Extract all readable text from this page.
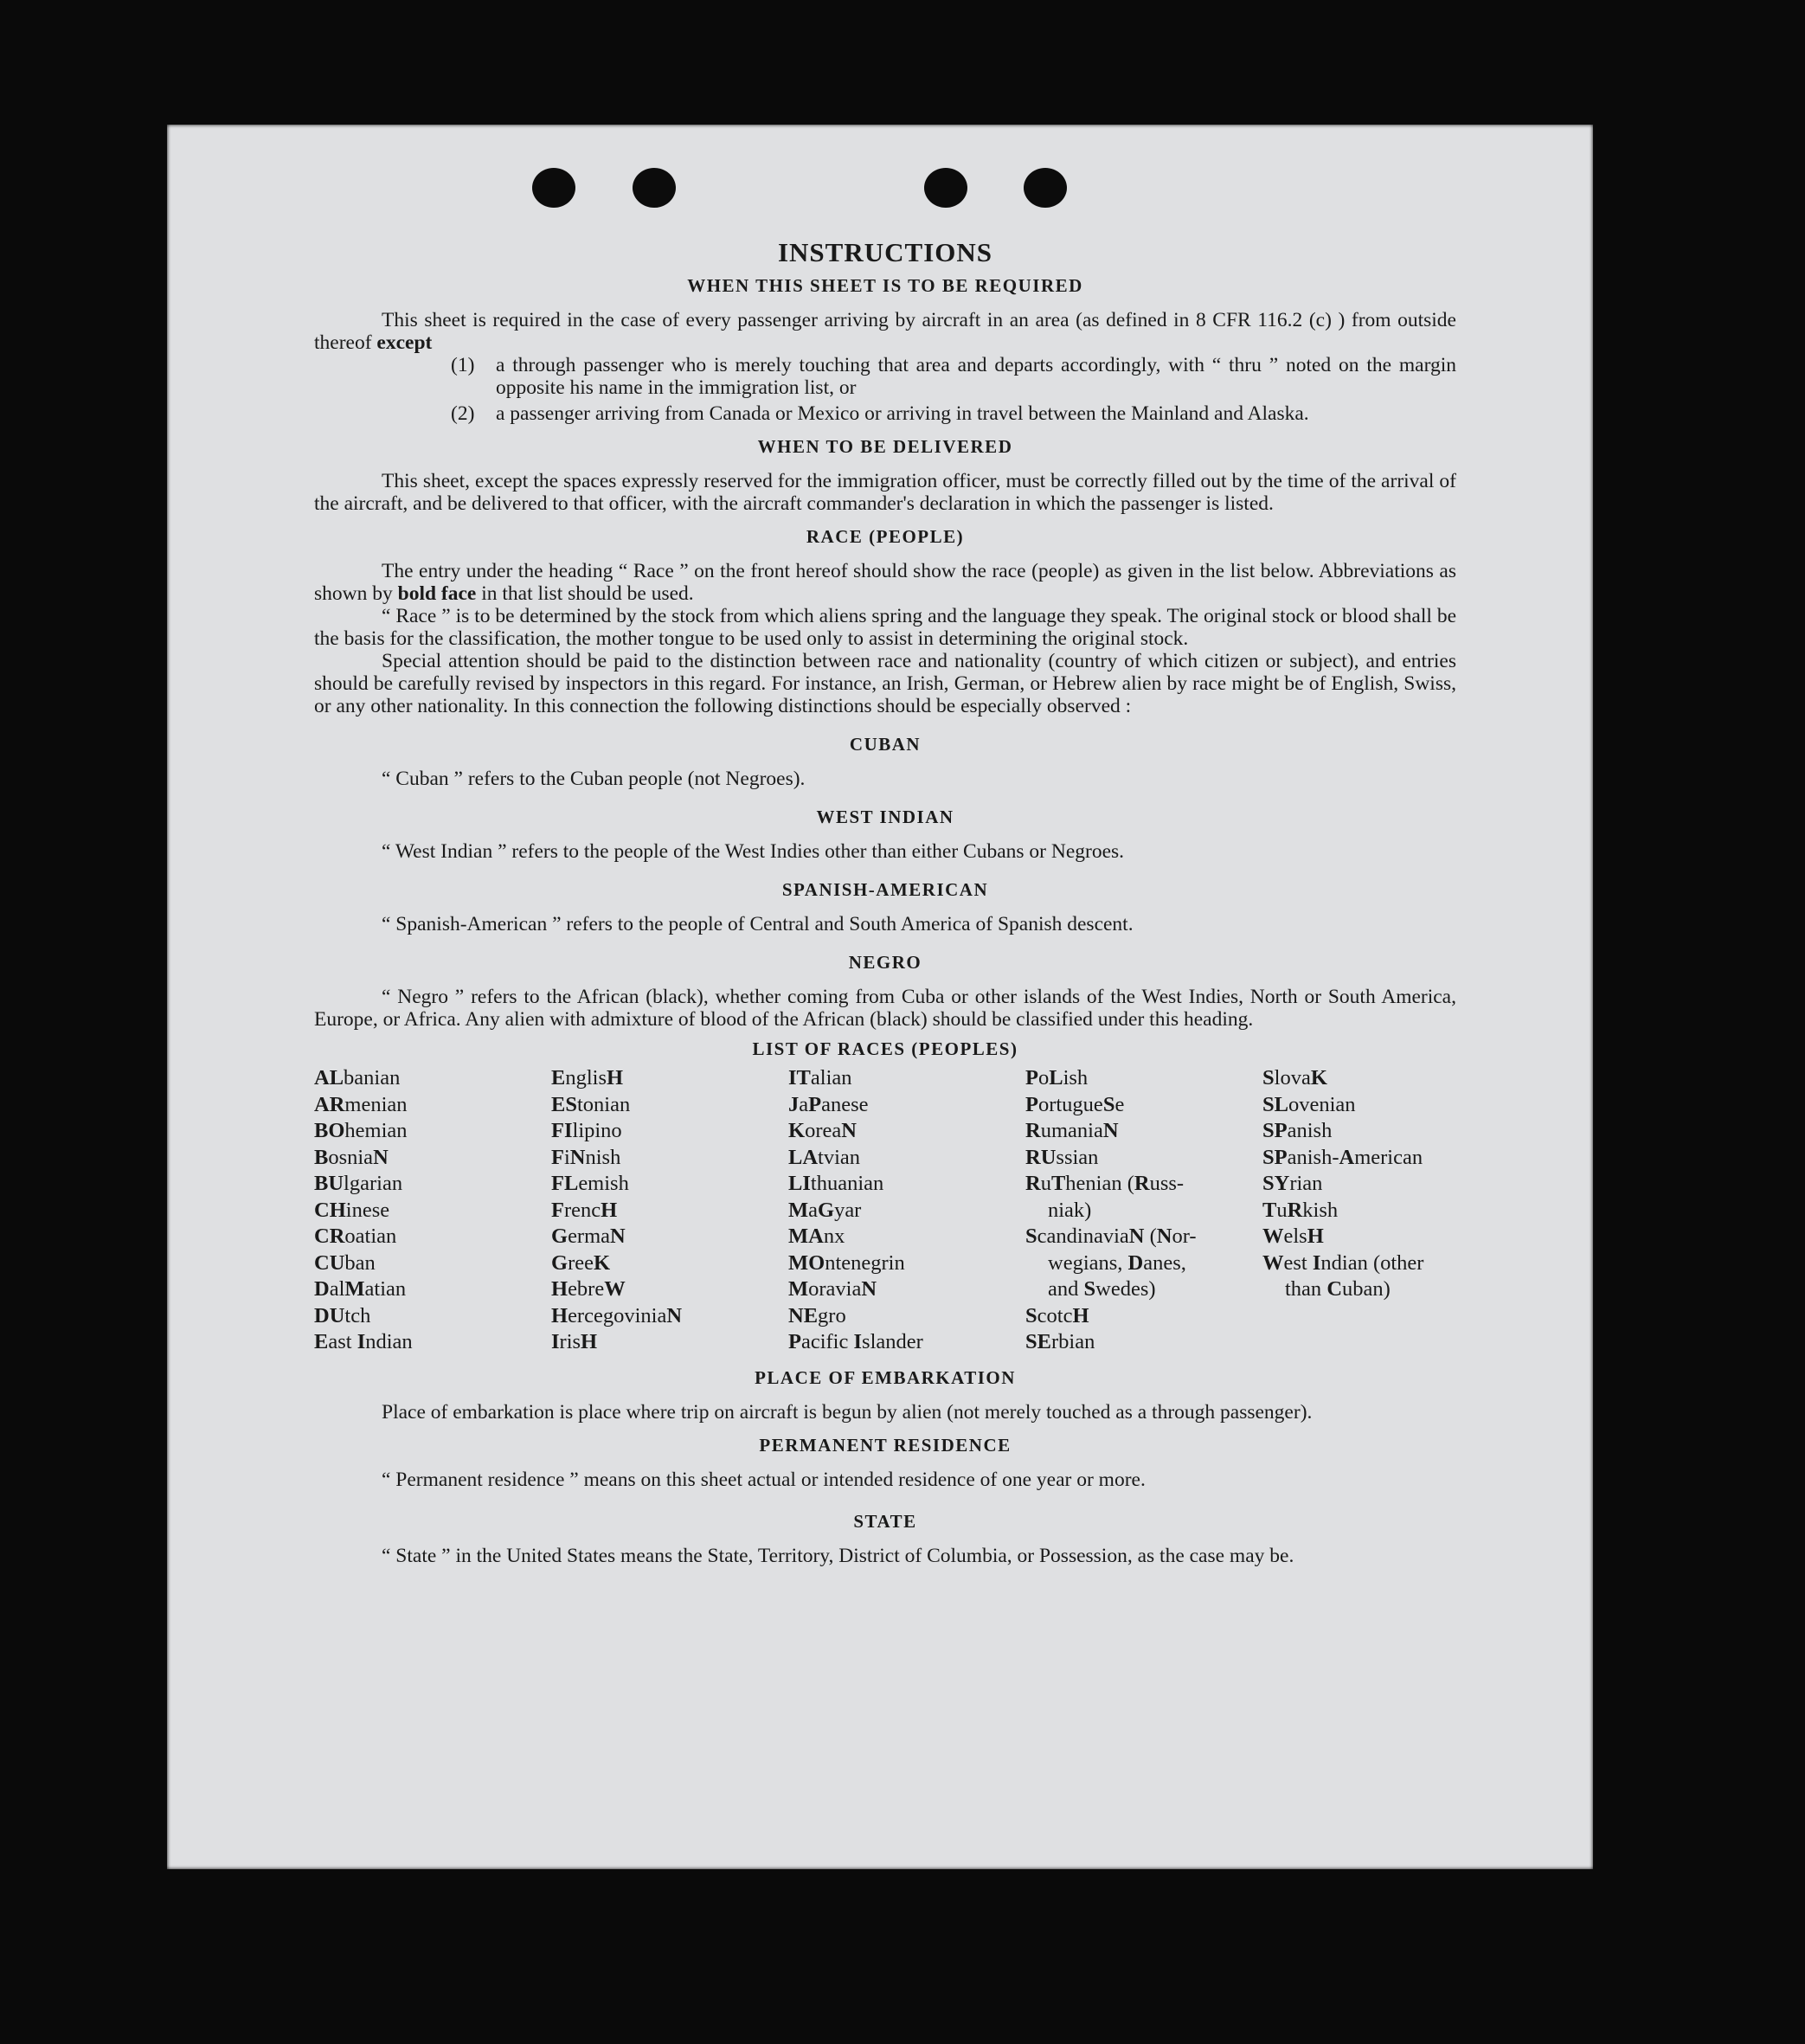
INSTRUCTIONS
WHEN THIS SHEET IS TO BE REQUIRED

This sheet is required in the case of every passenger arriving by aircraft in an area (as defined in 8 CFR 116.2 (c) ) from outside thereof except

(1)	a through passenger who is merely touching that area and departs accordingly, with “ thru ” noted on the margin opposite his name in the immigration list, or
(2)	a passenger arriving from Canada or Mexico or arriving in travel between the Mainland and Alaska.
WHEN TO BE DELIVERED

This sheet, except the spaces expressly reserved for the immigration officer, must be correctly filled out by the time of the arrival of the aircraft, and be delivered to that officer, with the aircraft commander's declaration in which the passenger is listed.

RACE (PEOPLE)

The entry under the heading “ Race ” on the front hereof should show the race (people) as given in the list below. Abbreviations as shown by bold face in that list should be used.

“ Race ” is to be determined by the stock from which aliens spring and the language they speak. The original stock or blood shall be the basis for the classification, the mother tongue to be used only to assist in determining the original stock.

Special attention should be paid to the distinction between race and nationality (country of which citizen or subject), and entries should be carefully revised by inspectors in this regard. For instance, an Irish, German, or Hebrew alien by race might be of English, Swiss, or any other nationality. In this connection the following distinctions should be especially observed :

CUBAN

“ Cuban ” refers to the Cuban people (not Negroes).

WEST INDIAN

“ West Indian ” refers to the people of the West Indies other than either Cubans or Negroes.

SPANISH-AMERICAN

“ Spanish-American ” refers to the people of Central and South America of Spanish descent.

NEGRO

“ Negro ” refers to the African (black), whether coming from Cuba or other islands of the West Indies, North or South America, Europe, or Africa. Any alien with admixture of blood of the African (black) should be classified under this heading.

LIST OF RACES (PEOPLES)
ALbanian	EnglisH	ITalian	PoLish	SlovaK
ARmenian	EStonian	JaPanese	PortugueSe	SLovenian
BOhemian	FIlipino	KoreaN	RumaniaN	SPanish
BosniaN	FiNnish	LAtvian	RUssian	SPanish-American
BUlgarian	FLemish	LIthuanian	RuThenian (Russ-	SYrian
CHinese	FrencH	MaGyar	niak)	TuRkish
CRoatian	GermaN	MAnx	ScandinaviaN (Nor-	WelsH
CUban	GreeK	MOntenegrin	wegians, Danes,	West Indian (other
DalMatian	HebreW	MoraviaN	and Swedes)	than Cuban)
DUtch	HercegoviniaN	NEgro	ScotcH
East Indian	IrisH	Pacific Islander	SErbian
PLACE OF EMBARKATION

Place of embarkation is place where trip on aircraft is begun by alien (not merely touched as a through passenger).

PERMANENT RESIDENCE

“ Permanent residence ” means on this sheet actual or intended residence of one year or more.

STATE

“ State ” in the United States means the State, Territory, District of Columbia, or Possession, as the case may be.
